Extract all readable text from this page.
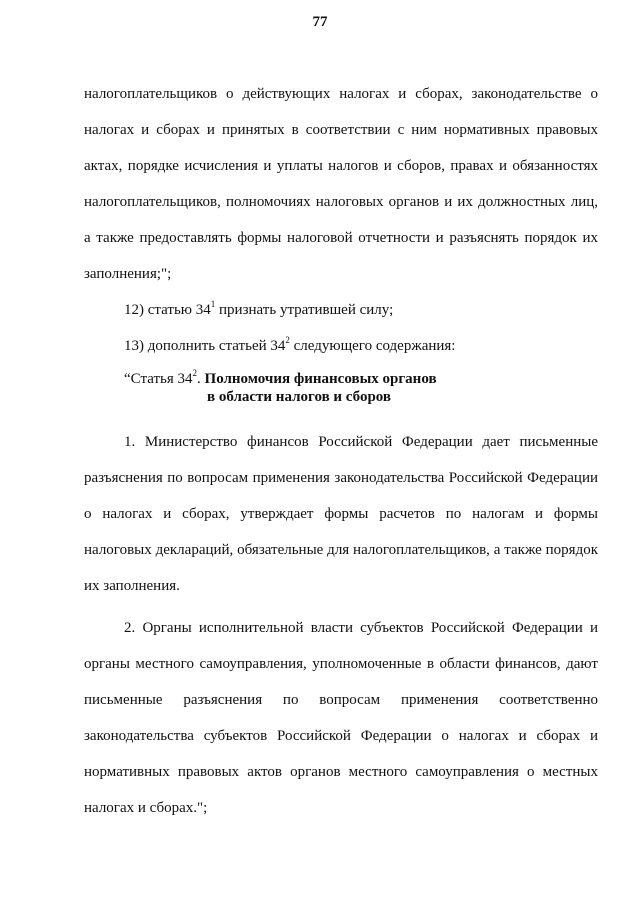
77

налогоплательщиков о действующих налогах и сборах, законодательстве о налогах и сборах и принятых в соответствии с ним нормативных правовых актах, порядке исчисления и уплаты налогов и сборов, правах и обязанностях налогоплательщиков, полномочиях налоговых органов и их должностных лиц, а также предоставлять формы налоговой отчетности и разъяснять порядок их заполнения;";

12) статью $34^1$ признать утратившей силу;

13) дополнить статьей $34^2$ следующего содержания:

“Статья $34^2$. Полномочия финансовых органов
в области налогов и сборов

1. Министерство финансов Российской Федерации дает письменные разъяснения по вопросам применения законодательства Российской Федерации о налогах и сборах, утверждает формы расчетов по налогам и формы налоговых деклараций, обязательные для налогоплательщиков, а также порядок их заполнения.

2. Органы исполнительной власти субъектов Российской Федерации и органы местного самоуправления, уполномоченные в области финансов, дают письменные разъяснения по вопросам применения соответственно законодательства субъектов Российской Федерации о налогах и сборах и нормативных правовых актов органов местного самоуправления о местных налогах и сборах.";
